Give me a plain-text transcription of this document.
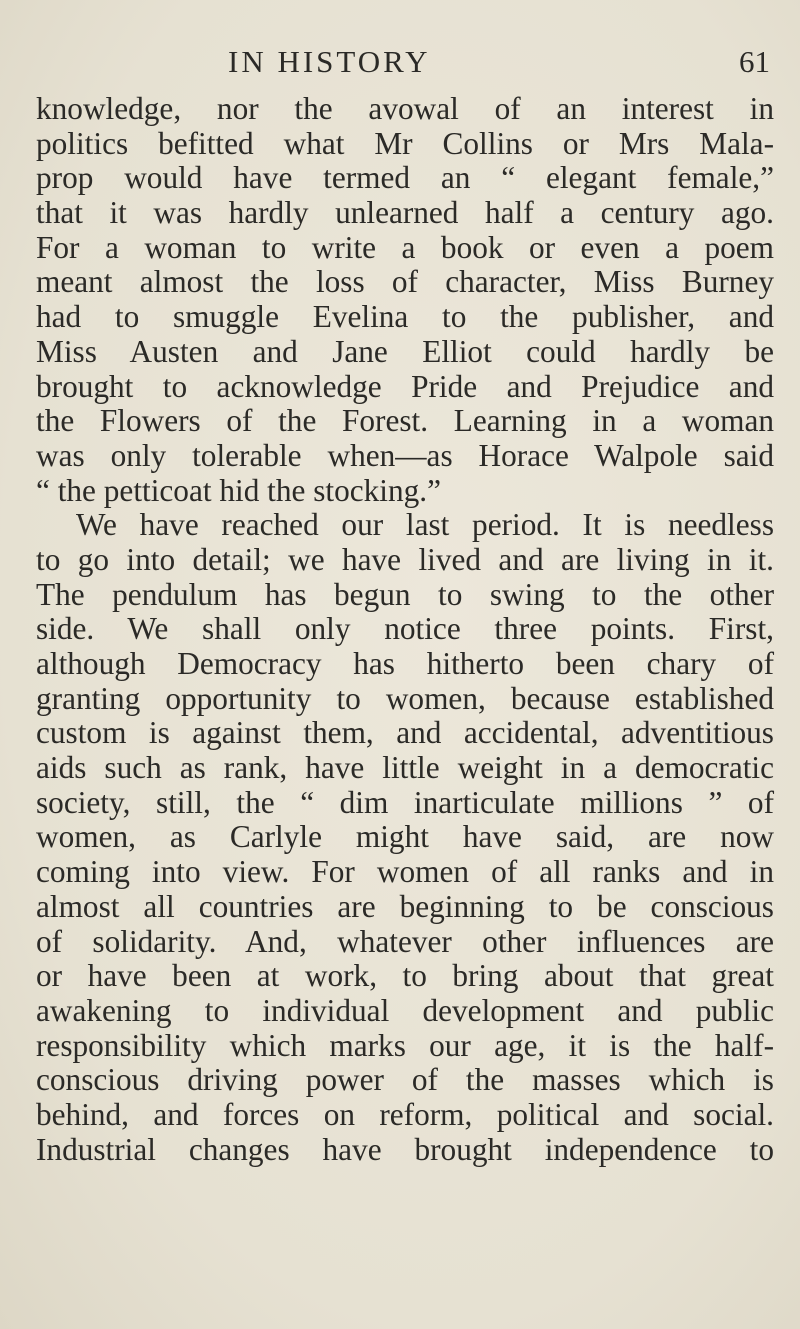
IN HISTORY	61
knowledge, nor the avowal of an interest in
politics befitted what Mr Collins or Mrs Mala-
prop would have termed an “ elegant female,”
that it was hardly unlearned half a century ago.
For a woman to write a book or even a poem
meant almost the loss of character, Miss Burney
had to smuggle Evelina to the publisher, and
Miss Austen and Jane Elliot could hardly be
brought to acknowledge Pride and Prejudice and
the Flowers of the Forest. Learning in a woman
was only tolerable when—as Horace Walpole said
“ the petticoat hid the stocking.”
We have reached our last period. It is needless
to go into detail; we have lived and are living in it.
The pendulum has begun to swing to the other
side. We shall only notice three points. First,
although Democracy has hitherto been chary of
granting opportunity to women, because established
custom is against them, and accidental, adventitious
aids such as rank, have little weight in a democratic
society, still, the “ dim inarticulate millions ” of
women, as Carlyle might have said, are now
coming into view. For women of all ranks and in
almost all countries are beginning to be conscious
of solidarity. And, whatever other influences are
or have been at work, to bring about that great
awakening to individual development and public
responsibility which marks our age, it is the half-
conscious driving power of the masses which is
behind, and forces on reform, political and social.
Industrial changes have brought independence to
